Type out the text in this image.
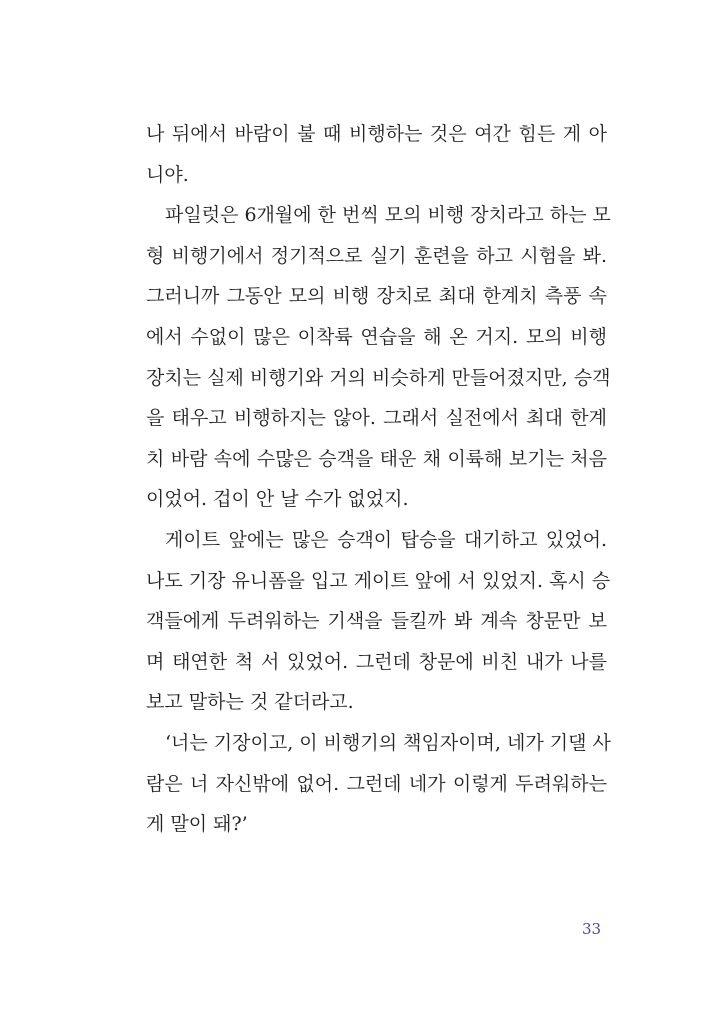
나 뒤에서 바람이 불 때 비행하는 것은 여간 힘든 게 아
니야.
파일럿은 6개월에 한 번씩 모의 비행 장치라고 하는 모
형 비행기에서 정기적으로 실기 훈련을 하고 시험을 봐.
그러니까 그동안 모의 비행 장치로 최대 한계치 측풍 속
에서 수없이 많은 이착륙 연습을 해 온 거지. 모의 비행
장치는 실제 비행기와 거의 비슷하게 만들어졌지만, 승객
을 태우고 비행하지는 않아. 그래서 실전에서 최대 한계
치 바람 속에 수많은 승객을 태운 채 이륙해 보기는 처음
이었어. 겁이 안 날 수가 없었지.
게이트 앞에는 많은 승객이 탑승을 대기하고 있었어.
나도 기장 유니폼을 입고 게이트 앞에 서 있었지. 혹시 승
객들에게 두려워하는 기색을 들킬까 봐 계속 창문만 보
며 태연한 척 서 있었어. 그런데 창문에 비친 내가 나를
보고 말하는 것 같더라고.
‘너는 기장이고, 이 비행기의 책임자이며, 네가 기댈 사
람은 너 자신밖에 없어. 그런데 네가 이렇게 두려워하는
게 말이 돼?’
33
